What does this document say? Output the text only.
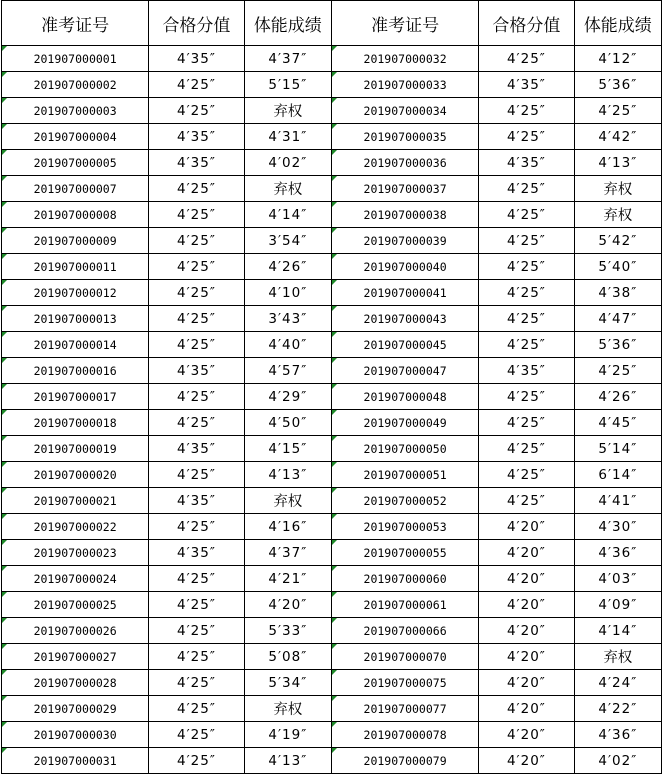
准考证号	合格分值	体能成绩	准考证号	合格分值	体能成绩
201907000001	4′35″	4′37″	201907000032	4′25″	4′12″
201907000002	4′25″	5′15″	201907000033	4′35″	5′36″
201907000003	4′25″	弃权	201907000034	4′25″	4′25″
201907000004	4′35″	4′31″	201907000035	4′25″	4′42″
201907000005	4′35″	4′02″	201907000036	4′35″	4′13″
201907000007	4′25″	弃权	201907000037	4′25″	弃权
201907000008	4′25″	4′14″	201907000038	4′25″	弃权
201907000009	4′25″	3′54″	201907000039	4′25″	5′42″
201907000011	4′25″	4′26″	201907000040	4′25″	5′40″
201907000012	4′25″	4′10″	201907000041	4′25″	4′38″
201907000013	4′25″	3′43″	201907000043	4′25″	4′47″
201907000014	4′25″	4′40″	201907000045	4′25″	5′36″
201907000016	4′35″	4′57″	201907000047	4′35″	4′25″
201907000017	4′25″	4′29″	201907000048	4′25″	4′26″
201907000018	4′25″	4′50″	201907000049	4′25″	4′45″
201907000019	4′35″	4′15″	201907000050	4′25″	5′14″
201907000020	4′25″	4′13″	201907000051	4′25″	6′14″
201907000021	4′35″	弃权	201907000052	4′25″	4′41″
201907000022	4′25″	4′16″	201907000053	4′20″	4′30″
201907000023	4′35″	4′37″	201907000055	4′20″	4′36″
201907000024	4′25″	4′21″	201907000060	4′20″	4′03″
201907000025	4′25″	4′20″	201907000061	4′20″	4′09″
201907000026	4′25″	5′33″	201907000066	4′20″	4′14″
201907000027	4′25″	5′08″	201907000070	4′20″	弃权
201907000028	4′25″	5′34″	201907000075	4′20″	4′24″
201907000029	4′25″	弃权	201907000077	4′20″	4′22″
201907000030	4′25″	4′19″	201907000078	4′20″	4′36″
201907000031	4′25″	4′13″	201907000079	4′20″	4′02″
